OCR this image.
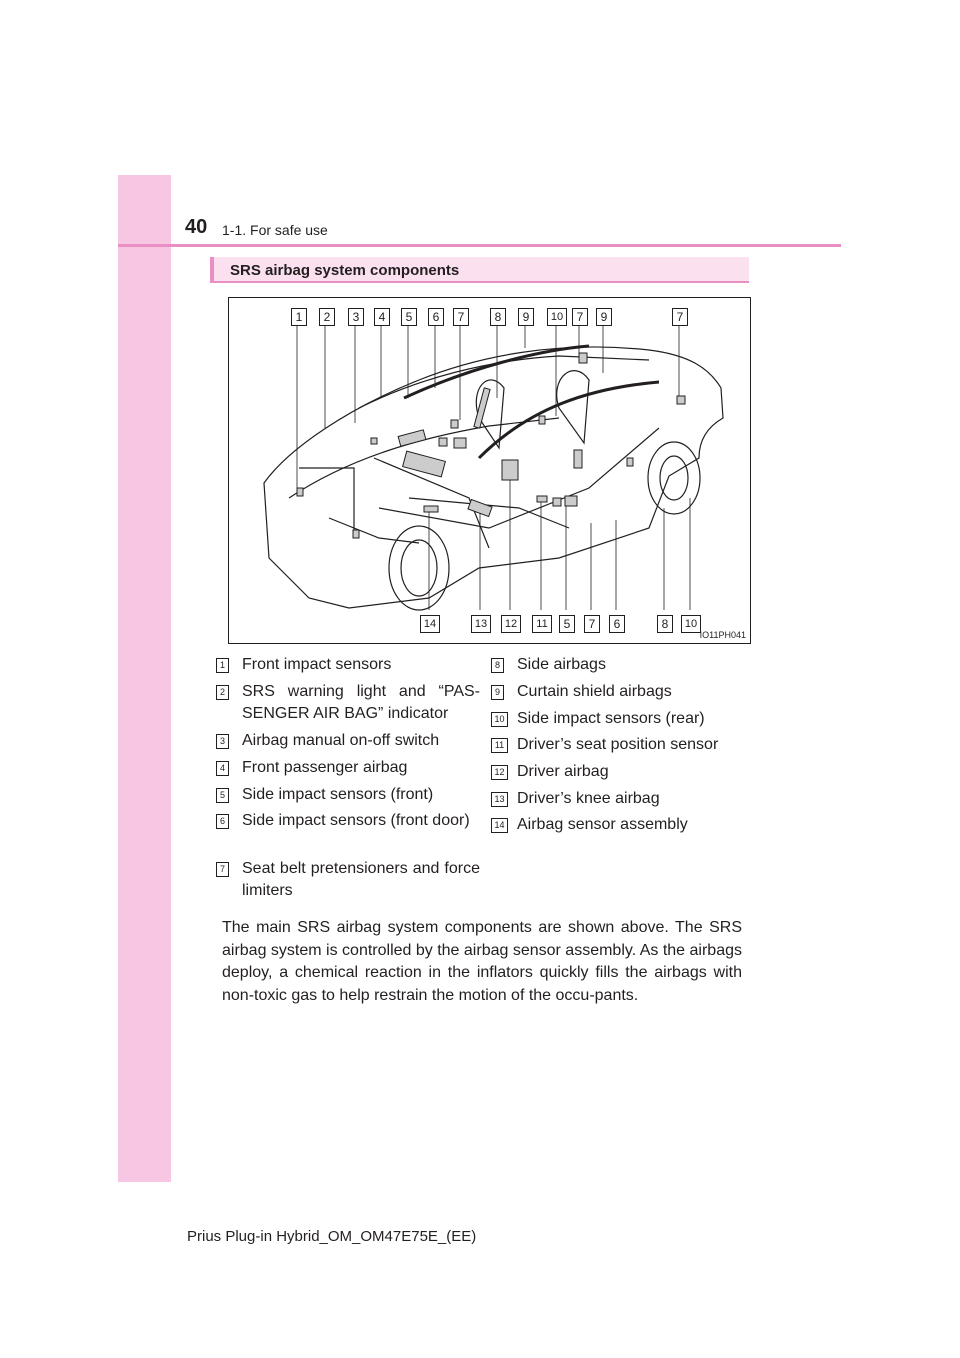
40 1-1. For safe use
SRS airbag system components
1	2	3	4	5	6	7	8	9	10	7	9	7
14	13	12	11	5	7	6	8	10
IO11PH041
1 Front impact sensors
2 SRS warning light and “PAS-SENGER AIR BAG” indicator
3 Airbag manual on-off switch
4 Front passenger airbag
5 Side impact sensors (front)
6 Side impact sensors (front door)
7 Seat belt pretensioners and force limiters
8 Side airbags
9 Curtain shield airbags
10 Side impact sensors (rear)
11 Driver’s seat position sensor
12 Driver airbag
13 Driver’s knee airbag
14 Airbag sensor assembly

The main SRS airbag system components are shown above. The SRS airbag system is controlled by the airbag sensor assembly. As the airbags deploy, a chemical reaction in the inflators quickly fills the airbags with non-toxic gas to help restrain the motion of the occu-pants.

Prius Plug-in Hybrid_OM_OM47E75E_(EE)
